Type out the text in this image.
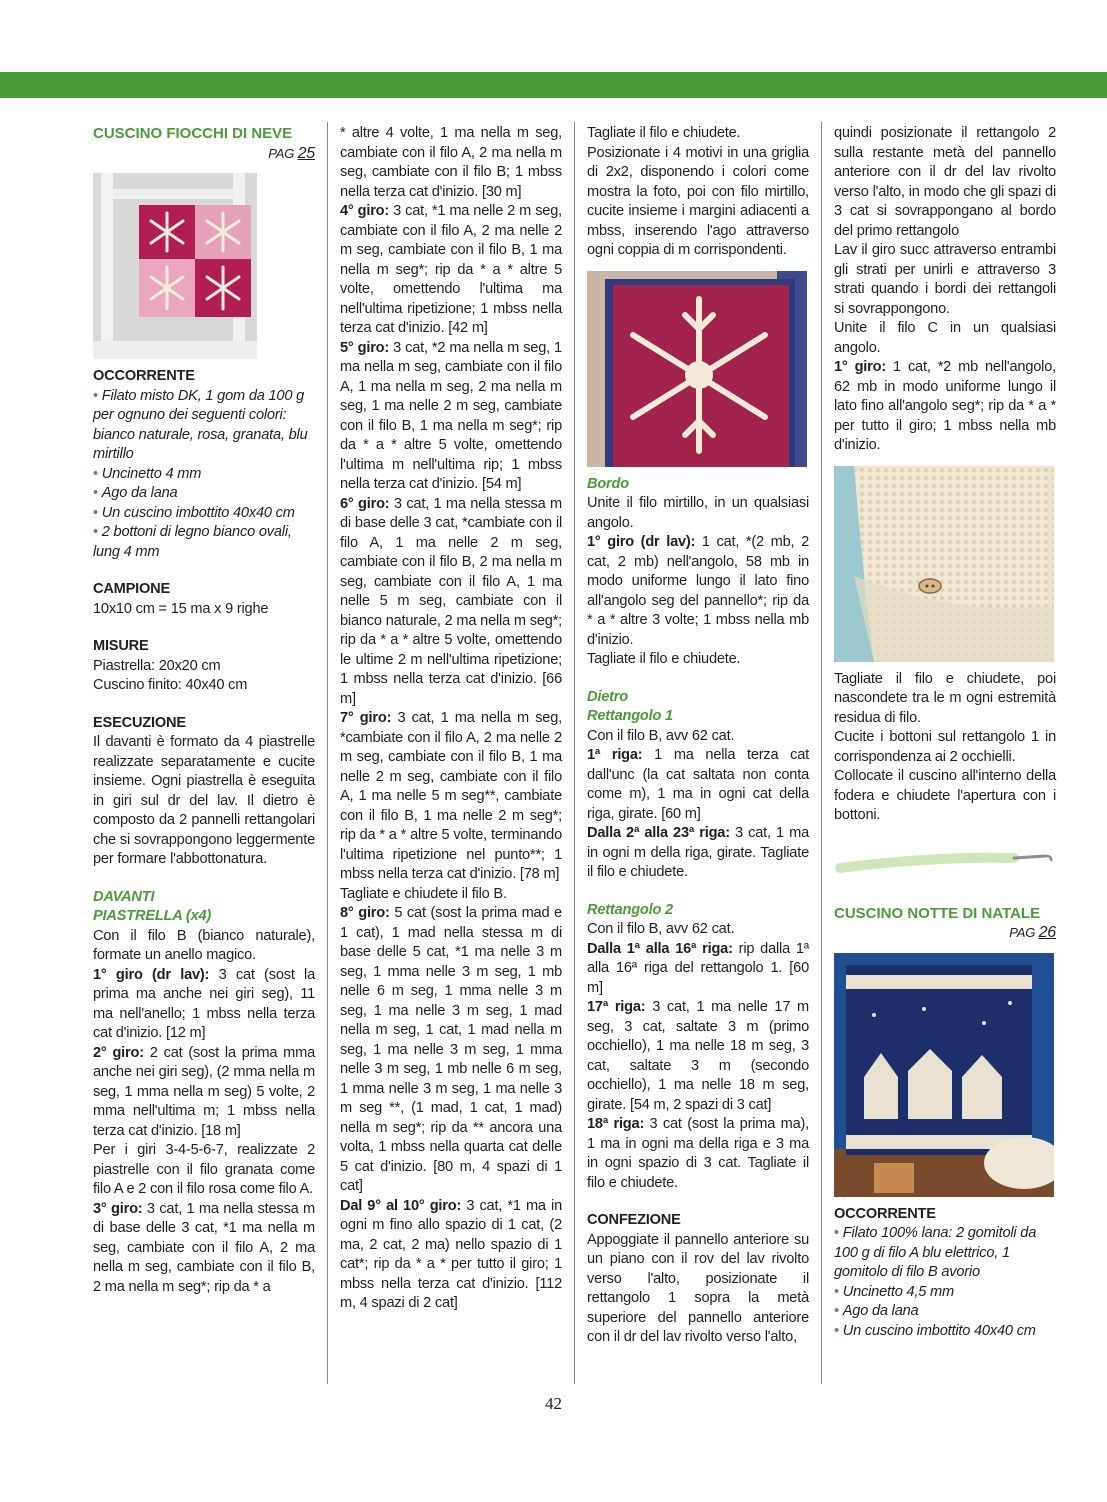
CUSCINO FIOCCHI DI NEVE

PAG 25

OCCORRENTE

• Filato misto DK, 1 gom da 100 g per ognuno dei seguenti colori: bianco naturale, rosa, granata, blu mirtillo

• Uncinetto 4 mm

• Ago da lana

• Un cuscino imbottito 40x40 cm

• 2 bottoni di legno bianco ovali, lung 4 mm

CAMPIONE

10x10 cm = 15 ma x 9 righe

MISURE

Piastrella: 20x20 cm

Cuscino finito: 40x40 cm

ESECUZIONE

Il davanti è formato da 4 piastrelle realizzate separatamente e cucite insieme. Ogni piastrella è eseguita in giri sul dr del lav. Il dietro è composto da 2 pannelli rettangolari che si sovrappongono leggermente per formare l'abbottonatura.

DAVANTI

PIASTRELLA (x4)

Con il filo B (bianco naturale), formate un anello magico.

1° giro (dr lav): 3 cat (sost la prima ma anche nei giri seg), 11 ma nell'anello; 1 mbss nella terza cat d'inizio. [12 m]

2° giro: 2 cat (sost la prima mma anche nei giri seg), (2 mma nella m seg, 1 mma nella m seg) 5 volte, 2 mma nell'ultima m; 1 mbss nella terza cat d'inizio. [18 m]

Per i giri 3-4-5-6-7, realizzate 2 piastrelle con il filo granata come filo A e 2 con il filo rosa come filo A.

3° giro: 3 cat, 1 ma nella stessa m di base delle 3 cat, *1 ma nella m seg, cambiate con il filo A, 2 ma nella m seg, cambiate con il filo B, 2 ma nella m seg*; rip da * a

* altre 4 volte, 1 ma nella m seg, cambiate con il filo A, 2 ma nella m seg, cambiate con il filo B; 1 mbss nella terza cat d'inizio. [30 m]

4° giro: 3 cat, *1 ma nelle 2 m seg, cambiate con il filo A, 2 ma nelle 2 m seg, cambiate con il filo B, 1 ma nella m seg*; rip da * a * altre 5 volte, omettendo l'ultima ma nell'ultima ripetizione; 1 mbss nella terza cat d'inizio. [42 m]

5° giro: 3 cat, *2 ma nella m seg, 1 ma nella m seg, cambiate con il filo A, 1 ma nella m seg, 2 ma nella m seg, 1 ma nelle 2 m seg, cambiate con il filo B, 1 ma nella m seg*; rip da * a * altre 5 volte, omettendo l'ultima m nell'ultima rip; 1 mbss nella terza cat d'inizio. [54 m]

6° giro: 3 cat, 1 ma nella stessa m di base delle 3 cat, *cambiate con il filo A, 1 ma nelle 2 m seg, cambiate con il filo B, 2 ma nella m seg, cambiate con il filo A, 1 ma nelle 5 m seg, cambiate con il bianco naturale, 2 ma nella m seg*; rip da * a * altre 5 volte, omettendo le ultime 2 m nell'ultima ripetizione; 1 mbss nella terza cat d'inizio. [66 m]

7° giro: 3 cat, 1 ma nella m seg, *cambiate con il filo A, 2 ma nelle 2 m seg, cambiate con il filo B, 1 ma nelle 2 m seg, cambiate con il filo A, 1 ma nelle 5 m seg**, cambiate con il filo B, 1 ma nelle 2 m seg*; rip da * a * altre 5 volte, terminando l'ultima ripetizione nel punto**; 1 mbss nella terza cat d'inizio. [78 m]

Tagliate e chiudete il filo B.

8° giro: 5 cat (sost la prima mad e 1 cat), 1 mad nella stessa m di base delle 5 cat, *1 ma nelle 3 m seg, 1 mma nelle 3 m seg, 1 mb nelle 6 m seg, 1 mma nelle 3 m seg, 1 ma nelle 3 m seg, 1 mad nella m seg, 1 cat, 1 mad nella m seg, 1 ma nelle 3 m seg, 1 mma nelle 3 m seg, 1 mb nelle 6 m seg, 1 mma nelle 3 m seg, 1 ma nelle 3 m seg **, (1 mad, 1 cat, 1 mad) nella m seg*; rip da ** ancora una volta, 1 mbss nella quarta cat delle 5 cat d'inizio. [80 m, 4 spazi di 1 cat]

Dal 9° al 10° giro: 3 cat, *1 ma in ogni m fino allo spazio di 1 cat, (2 ma, 2 cat, 2 ma) nello spazio di 1 cat*; rip da * a * per tutto il giro; 1 mbss nella terza cat d'inizio. [112 m, 4 spazi di 2 cat]

Tagliate il filo e chiudete.

Posizionate i 4 motivi in una griglia di 2x2, disponendo i colori come mostra la foto, poi con filo mirtillo, cucite insieme i margini adiacenti a mbss, inserendo l'ago attraverso ogni coppia di m corrispondenti.

Bordo

Unite il filo mirtillo, in un qualsiasi angolo.

1° giro (dr lav): 1 cat, *(2 mb, 2 cat, 2 mb) nell'angolo, 58 mb in modo uniforme lungo il lato fino all'angolo seg del pannello*; rip da * a * altre 3 volte; 1 mbss nella mb d'inizio.

Tagliate il filo e chiudete.

Dietro

Rettangolo 1

Con il filo B, avv 62 cat.

1ª riga: 1 ma nella terza cat dall'unc (la cat saltata non conta come m), 1 ma in ogni cat della riga, girate. [60 m]

Dalla 2ª alla 23ª riga: 3 cat, 1 ma in ogni m della riga, girate. Tagliate il filo e chiudete.

Rettangolo 2

Con il filo B, avv 62 cat.

Dalla 1ª alla 16ª riga: rip dalla 1ª alla 16ª riga del rettangolo 1. [60 m]

17ª riga: 3 cat, 1 ma nelle 17 m seg, 3 cat, saltate 3 m (primo occhiello), 1 ma nelle 18 m seg, 3 cat, saltate 3 m (secondo occhiello), 1 ma nelle 18 m seg, girate. [54 m, 2 spazi di 3 cat]

18ª riga: 3 cat (sost la prima ma), 1 ma in ogni ma della riga e 3 ma in ogni spazio di 3 cat. Tagliate il filo e chiudete.

CONFEZIONE

Appoggiate il pannello anteriore su un piano con il rov del lav rivolto verso l'alto, posizionate il rettangolo 1 sopra la metà superiore del pannello anteriore con il dr del lav rivolto verso l'alto,

quindi posizionate il rettangolo 2 sulla restante metà del pannello anteriore con il dr del lav rivolto verso l'alto, in modo che gli spazi di 3 cat si sovrappongano al bordo del primo rettangolo

Lav il giro succ attraverso entrambi gli strati per unirli e attraverso 3 strati quando i bordi dei rettangoli si sovrappongono.

Unite il filo C in un qualsiasi angolo.

1° giro: 1 cat, *2 mb nell'angolo, 62 mb in modo uniforme lungo il lato fino all'angolo seg*; rip da * a * per tutto il giro; 1 mbss nella mb d'inizio.

Tagliate il filo e chiudete, poi nascondete tra le m ogni estremità residua di filo.

Cucite i bottoni sul rettangolo 1 in corrispondenza ai 2 occhielli.

Collocate il cuscino all'interno della fodera e chiudete l'apertura con i bottoni.

CUSCINO NOTTE DI NATALE

PAG 26

OCCORRENTE

• Filato 100% lana: 2 gomitoli da 100 g di filo A blu elettrico, 1 gomitolo di filo B avorio

• Uncinetto 4,5 mm

• Ago da lana

• Un cuscino imbottito 40x40 cm

42
